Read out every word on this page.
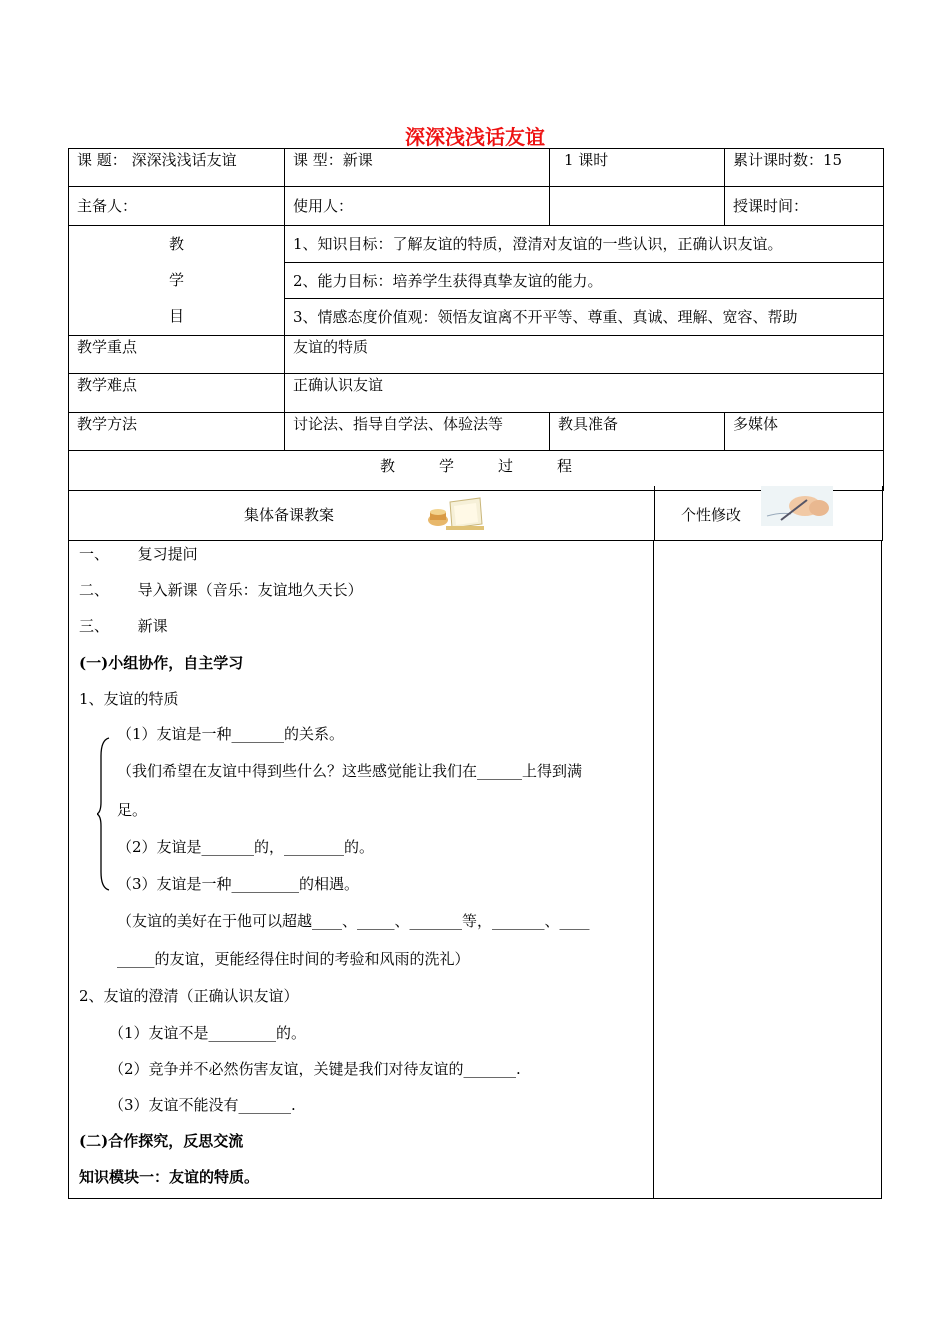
深深浅浅话友谊
课 题： 深深浅浅话友谊	课 型：新课	1 课时	累计课时数：15
主备人：	使用人：		授课时间：

教
学
目	1、知识目标：了解友谊的特质，澄清对友谊的一些认识，正确认识友谊。		
	2、能力目标：培养学生获得真挚友谊的能力。		
	3、情感态度价值观：领悟友谊离不开平等、尊重、真诚、理解、宽容、帮助		
教学重点	友谊的特质		
教学难点	正确认识友谊		
教学方法	讨论法、指导自学法、体验法等	教具准备	多媒体
教 学 过 程			
集体备课教案	个性修改
一、      复习提问
二、      导入新课（音乐：友谊地久天长）
三、      新课
(一)小组协作，自主学习
1、友谊的特质
（1）友谊是一种_______的关系。
（我们希望在友谊中得到些什么？这些感觉能让我们在______上得到满
足。
（2）友谊是_______的，________的。
（3）友谊是一种_________的相遇。
（友谊的美好在于他可以超越____、_____、_______等，_______、____
_____的友谊，更能经得住时间的考验和风雨的洗礼）
2、友谊的澄清（正确认识友谊）
（1）友谊不是_________的。
（2）竞争并不必然伤害友谊，关键是我们对待友谊的_______.
（3）友谊不能没有_______.
(二)合作探究，反思交流
知识模块一：友谊的特质。
